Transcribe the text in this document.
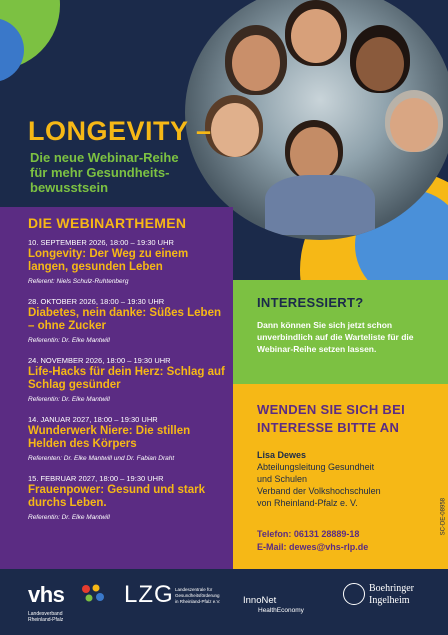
LONGEVITY –
Die neue Webinar-Reihe
für mehr Gesundheits-
bewusstsein
DIE WEBINARTHEMEN
10. SEPTEMBER 2026, 18:00 – 19:30 UHR
Longevity: Der Weg zu einem langen, gesunden Leben
Referent: Niels Schulz-Ruhtenberg
28. OKTOBER 2026, 18:00 – 19:30 UHR
Diabetes, nein danke: Süßes Leben – ohne Zucker
Referentin: Dr. Elke Mantwill
24. NOVEMBER 2026, 18:00 – 19:30 UHR
Life-Hacks für dein Herz: Schlag auf Schlag gesünder
Referentin: Dr. Elke Mantwill
14. JANUAR 2027, 18:00 – 19:30 UHR
Wunderwerk Niere: Die stillen Helden des Körpers
Referenten: Dr. Elke Mantwill und Dr. Fabian Draht
15. FEBRUAR 2027, 18:00 – 19:30 UHR
Frauenpower: Gesund und stark durchs Leben.
Referentin: Dr. Elke Mantwill
INTERESSIERT?

Dann können Sie sich jetzt schon unverbindlich auf die Warteliste für die Webinar-Reihe setzen lassen.

WENDEN SIE SICH BEI
INTERESSE BITTE AN
Lisa Dewes
Abteilungsleitung Gesundheit
und Schulen
Verband der Volkshochschulen
von Rheinland-Pfalz e. V.
Telefon: 06131 28889-18
E-Mail: dewes@vhs-rlp.de
SC-DE-08958
vhs
Landesverband
Rheinland-Pfalz
LZG Landeszentrale für
Gesundheitsförderung
in Rheinland-Pfalz e.V.	InnoNet
HealthEconomy
Boehringer
Ingelheim
